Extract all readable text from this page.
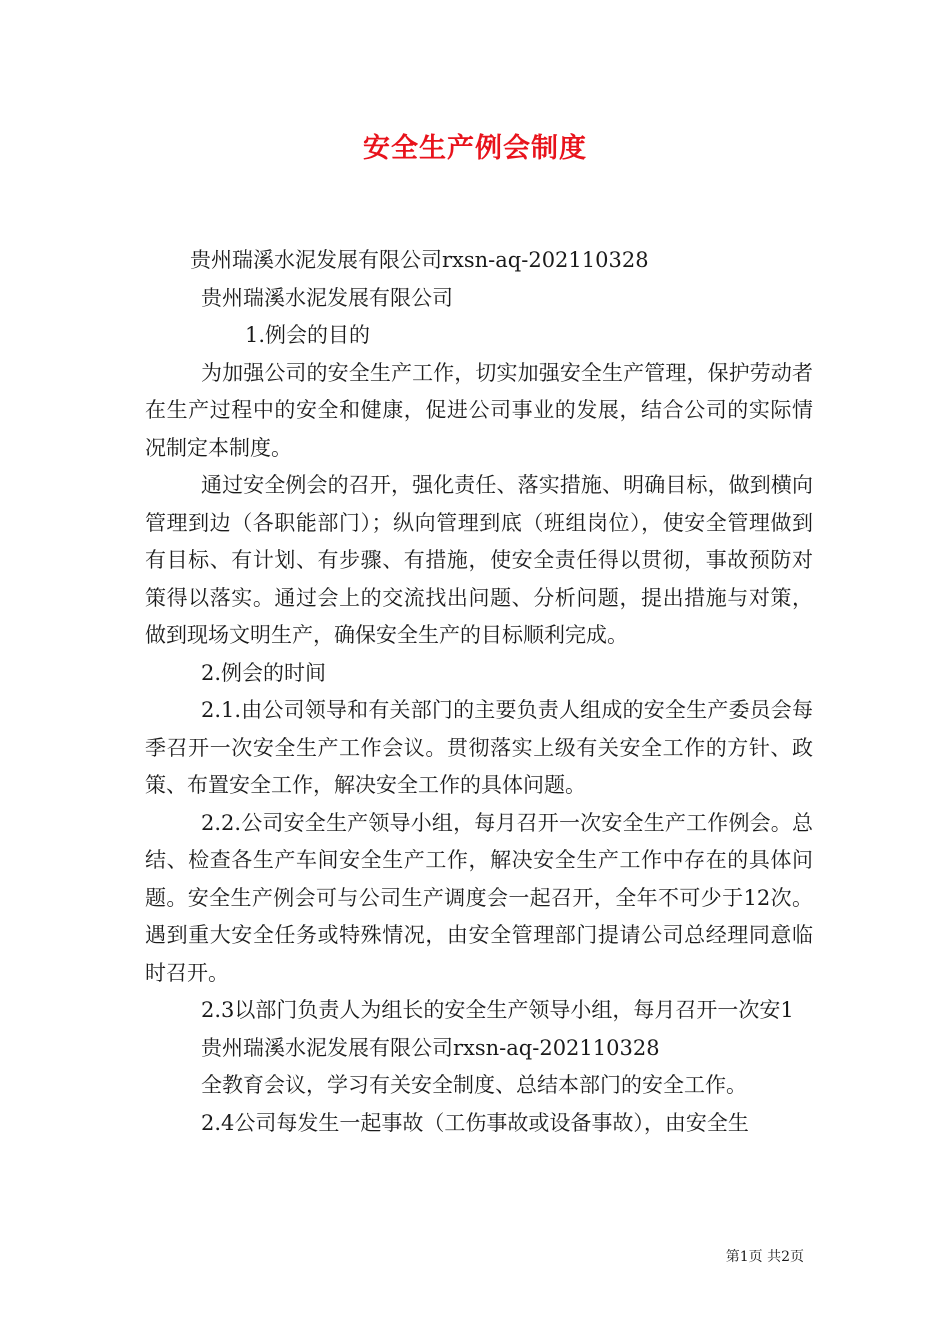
安全生产例会制度

贵州瑞溪水泥发展有限公司rxsn-aq-202110328

贵州瑞溪水泥发展有限公司

1.例会的目的

为加强公司的安全生产工作，切实加强安全生产管理，保护劳动者在生产过程中的安全和健康，促进公司事业的发展，结合公司的实际情况制定本制度。

通过安全例会的召开，强化责任、落实措施、明确目标，做到横向管理到边（各职能部门）；纵向管理到底（班组岗位），使安全管理做到有目标、有计划、有步骤、有措施，使安全责任得以贯彻，事故预防对策得以落实。通过会上的交流找出问题、分析问题，提出措施与对策，做到现场文明生产，确保安全生产的目标顺利完成。

2.例会的时间

2.1.由公司领导和有关部门的主要负责人组成的安全生产委员会每季召开一次安全生产工作会议。贯彻落实上级有关安全工作的方针、政策、布置安全工作，解决安全工作的具体问题。

2.2.公司安全生产领导小组，每月召开一次安全生产工作例会。总结、检查各生产车间安全生产工作，解决安全生产工作中存在的具体问题。安全生产例会可与公司生产调度会一起召开，全年不可少于12次。遇到重大安全任务或特殊情况，由安全管理部门提请公司总经理同意临时召开。

2.3以部门负责人为组长的安全生产领导小组，每月召开一次安1

贵州瑞溪水泥发展有限公司rxsn-aq-202110328

全教育会议，学习有关安全制度、总结本部门的安全工作。

2.4公司每发生一起事故（工伤事故或设备事故），由安全生

第1页 共2页
